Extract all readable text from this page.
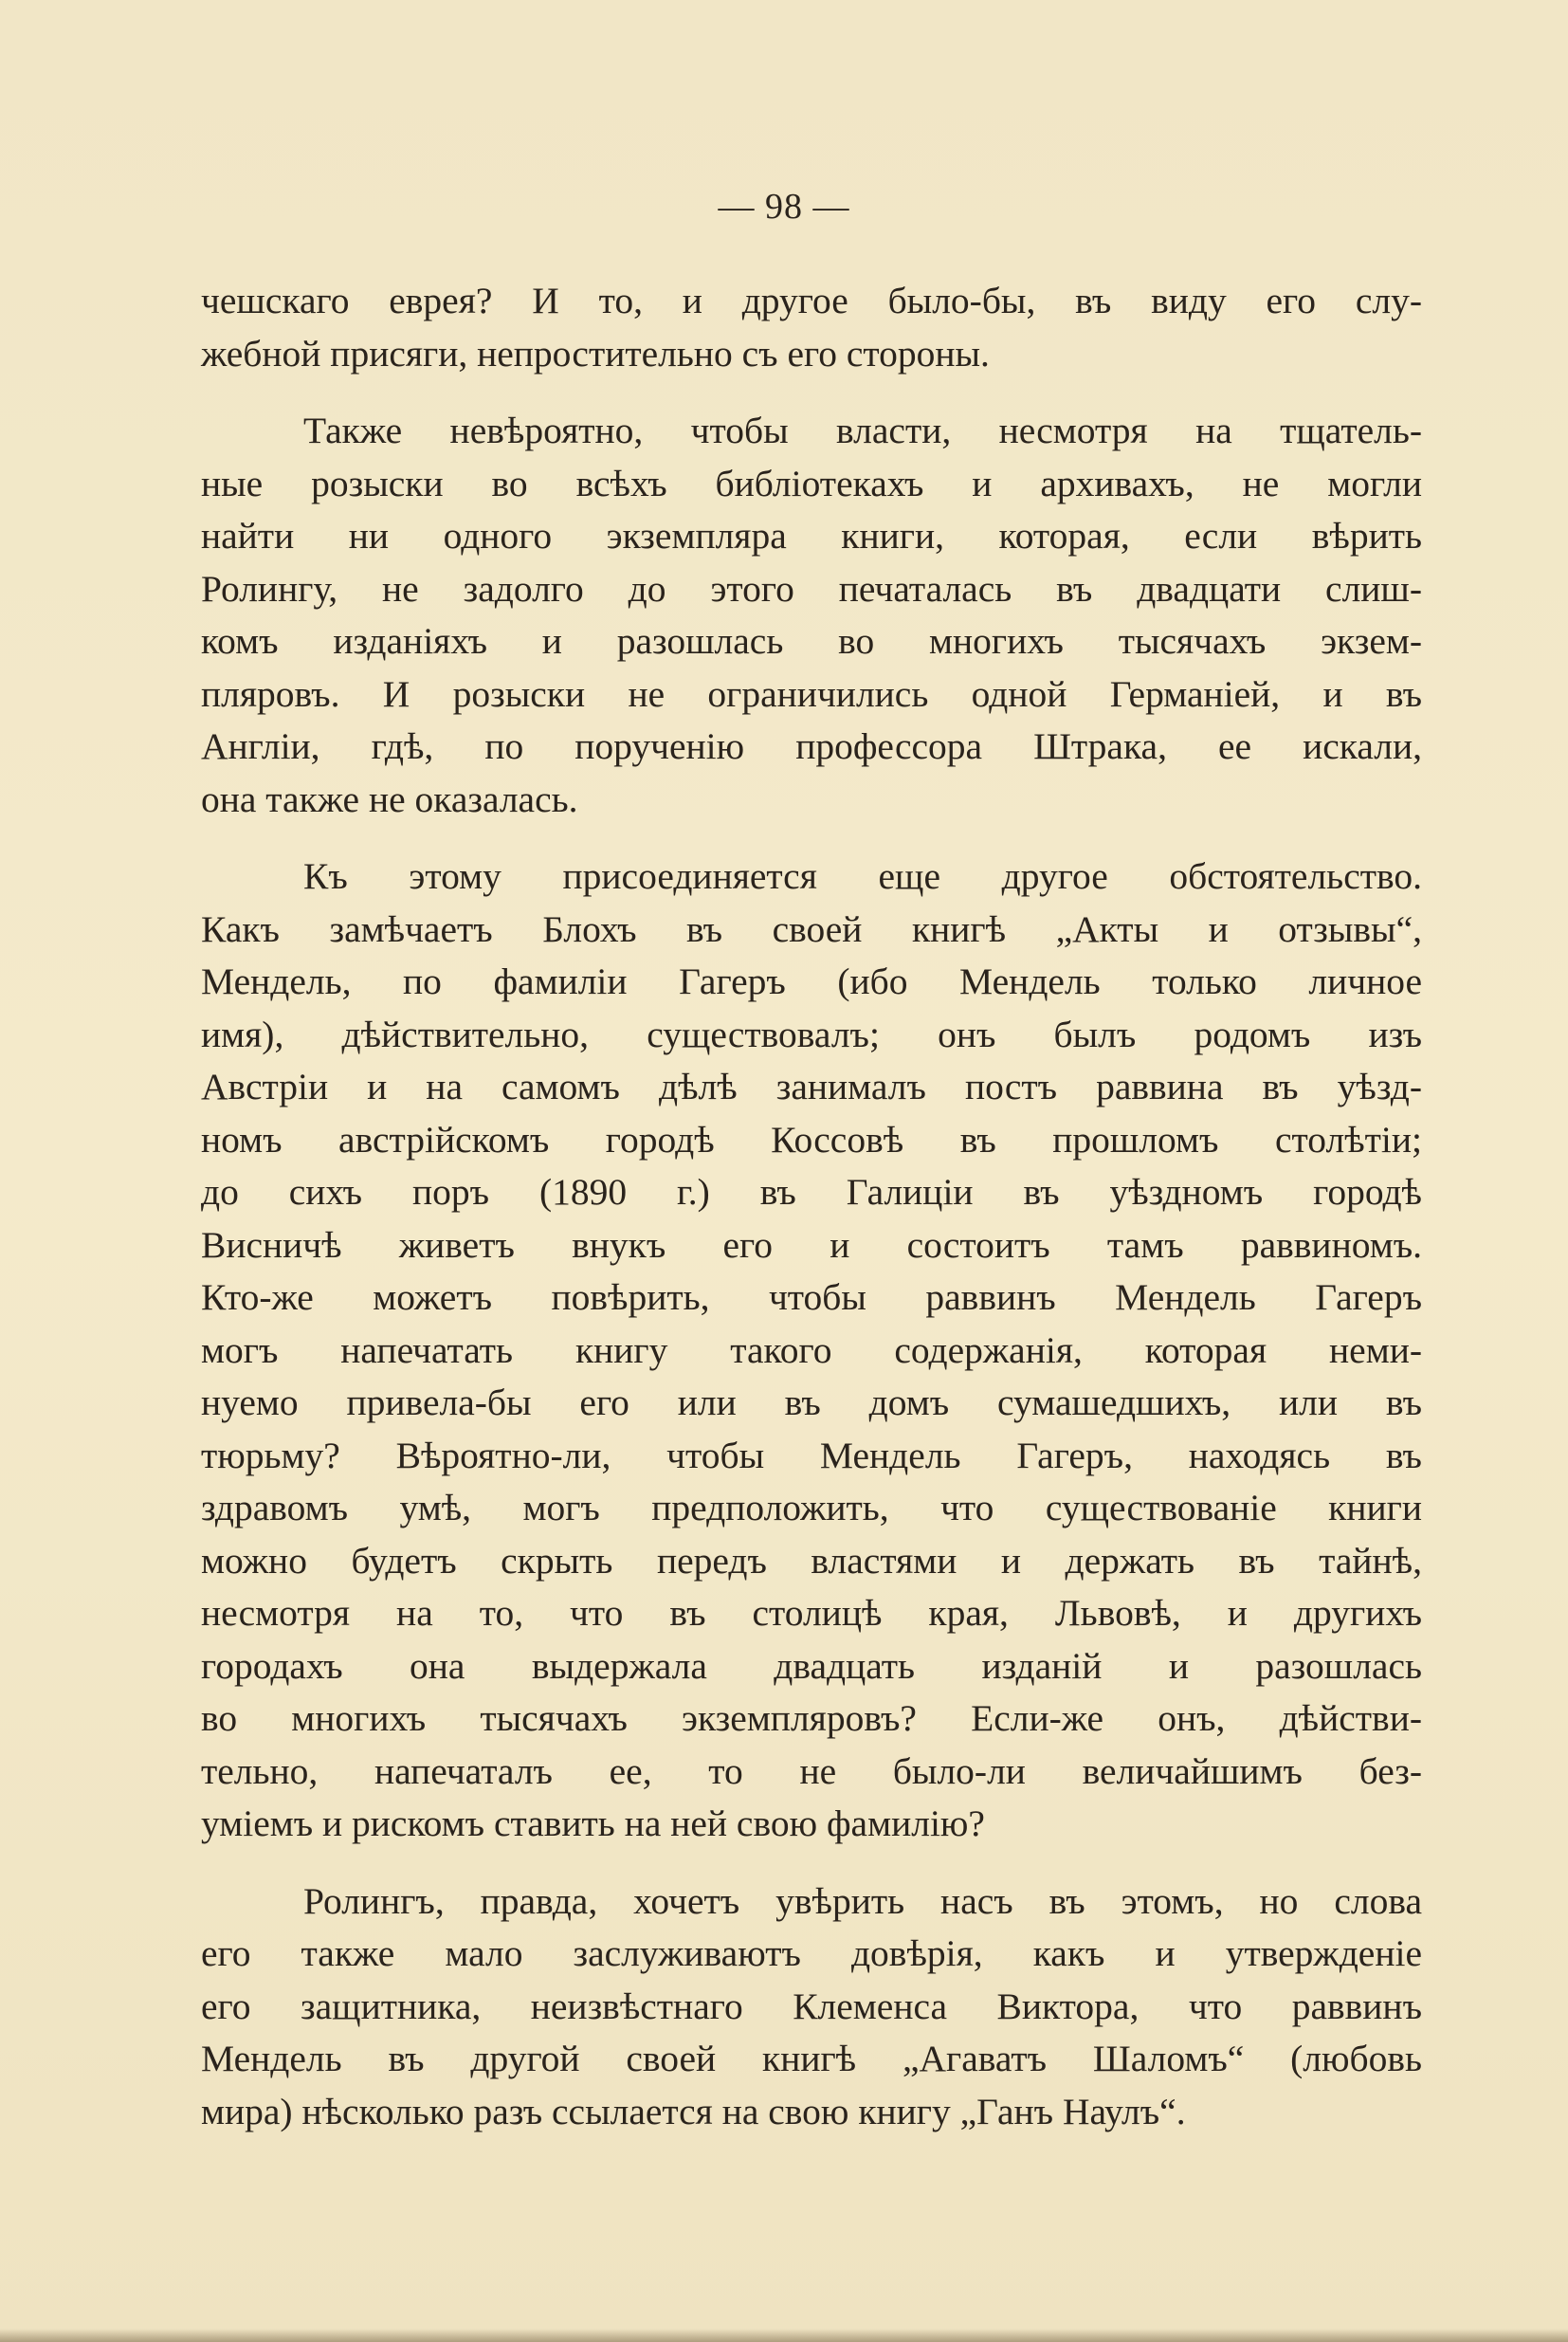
— 98 —
чешскаго еврея? И то, и другое было-бы, въ виду его слу-
жебной присяги, непростительно съ его стороны.
Также невѣроятно, чтобы власти, несмотря на тщатель-
ные розыски во всѣхъ библіотекахъ и архивахъ, не могли
найти ни одного экземпляра книги, которая, если вѣрить
Ролингу, не задолго до этого печаталась въ двадцати слиш-
комъ изданіяхъ и разошлась во многихъ тысячахъ экзем-
пляровъ. И розыски не ограничились одной Германіей, и въ
Англіи, гдѣ, по порученію профессора Штрака, ее искали,
она также не оказалась.
Къ этому присоединяется еще другое обстоятельство.
Какъ замѣчаетъ Блохъ въ своей книгѣ „Акты и отзывы“,
Мендель, по фамиліи Гагеръ (ибо Мендель только личное
имя), дѣйствительно, существовалъ; онъ былъ родомъ изъ
Австріи и на самомъ дѣлѣ занималъ постъ раввина въ уѣзд-
номъ австрійскомъ городѣ Коссовѣ въ прошломъ столѣтіи;
до сихъ поръ (1890 г.) въ Галиціи въ уѣздномъ городѣ
Висничѣ живетъ внукъ его и состоитъ тамъ раввиномъ.
Кто-же можетъ повѣрить, чтобы раввинъ Мендель Гагеръ
могъ напечатать книгу такого содержанія, которая неми-
нуемо привела-бы его или въ домъ сумашедшихъ, или въ
тюрьму? Вѣроятно-ли, чтобы Мендель Гагеръ, находясь въ
здравомъ умѣ, могъ предположить, что существованіе книги
можно будетъ скрыть передъ властями и держать въ тайнѣ,
несмотря на то, что въ столицѣ края, Львовѣ, и другихъ
городахъ она выдержала двадцать изданій и разошлась
во многихъ тысячахъ экземпляровъ? Если-же онъ, дѣйстви-
тельно, напечаталъ ее, то не было-ли величайшимъ без-
уміемъ и рискомъ ставить на ней свою фамилію?
Ролингъ, правда, хочетъ увѣрить насъ въ этомъ, но слова
его также мало заслуживаютъ довѣрія, какъ и утвержденіе
его защитника, неизвѣстнаго Клеменса Виктора, что раввинъ
Мендель въ другой своей книгѣ „Агаватъ Шаломъ“ (любовь
мира) нѣсколько разъ ссылается на свою книгу „Ганъ Наулъ“.
